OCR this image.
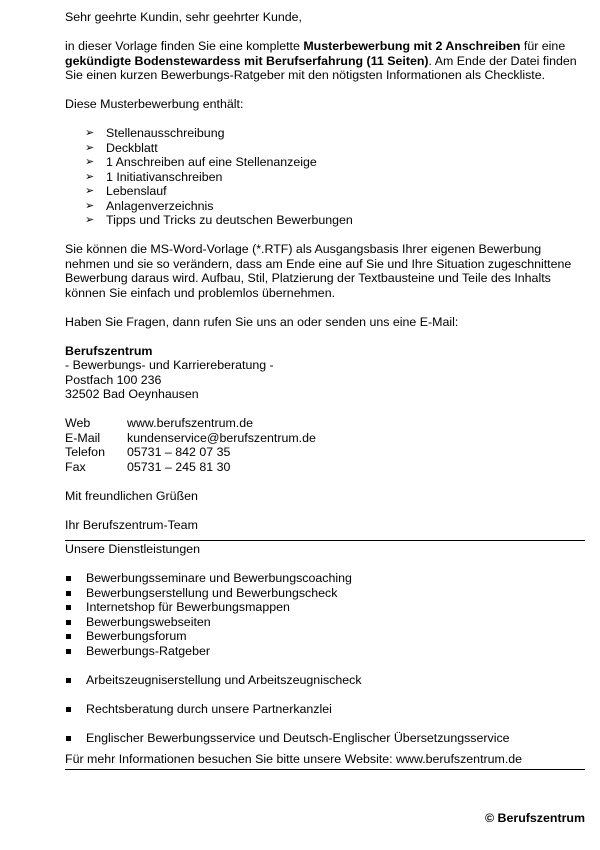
Sehr geehrte Kundin, sehr geehrter Kunde,

in dieser Vorlage finden Sie eine komplette Musterbewerbung mit 2 Anschreiben für eine gekündigte Bodenstewardess mit Berufserfahrung (11 Seiten). Am Ende der Datei finden Sie einen kurzen Bewerbungs-Ratgeber mit den nötigsten Informationen als Checkliste.

Diese Musterbewerbung enthält:

➢ Stellenausschreibung
➢ Deckblatt
➢ 1 Anschreiben auf eine Stellenanzeige
➢ 1 Initiativanschreiben
➢ Lebenslauf
➢ Anlagenverzeichnis
➢ Tipps und Tricks zu deutschen Bewerbungen

Sie können die MS-Word-Vorlage (*.RTF) als Ausgangsbasis Ihrer eigenen Bewerbung nehmen und sie so verändern, dass am Ende eine auf Sie und Ihre Situation zugeschnittene Bewerbung daraus wird. Aufbau, Stil, Platzierung der Textbausteine und Teile des Inhalts können Sie einfach und problemlos übernehmen.

Haben Sie Fragen, dann rufen Sie uns an oder senden uns eine E-Mail:

Berufszentrum

- Bewerbungs- und Karriereberatung -

Postfach 100 236

32502 Bad Oeynhausen

Web	www.berufszentrum.de
E-Mail	kundenservice@berufszentrum.de
Telefon	05731 – 842 07 35
Fax	05731 – 245 81 30

Mit freundlichen Grüßen

Ihr Berufszentrum-Team

Unsere Dienstleistungen

Bewerbungsseminare und Bewerbungscoaching
Bewerbungserstellung und Bewerbungscheck
Internetshop für Bewerbungsmappen
Bewerbungswebseiten
Bewerbungsforum
Bewerbungs-Ratgeber
Arbeitszeugniserstellung und Arbeitszeugnischeck
Rechtsberatung durch unsere Partnerkanzlei
Englischer Bewerbungsservice und Deutsch-Englischer Übersetzungsservice

Für mehr Informationen besuchen Sie bitte unsere Website: www.berufszentrum.de

© Berufszentrum
